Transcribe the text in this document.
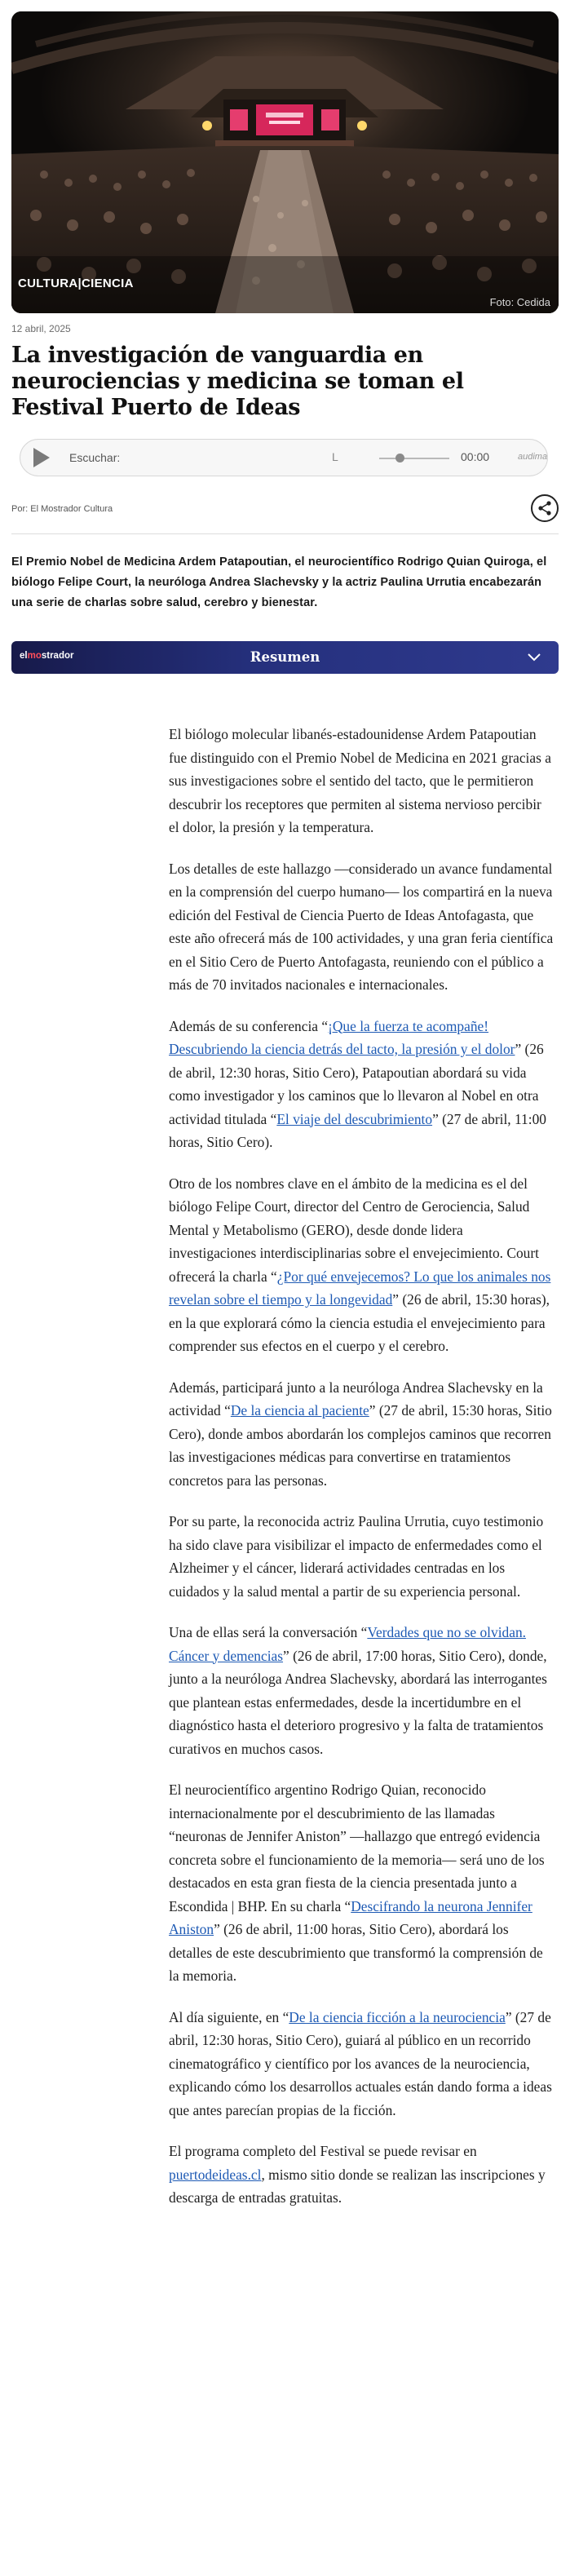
CULTURA|CIENCIA
Foto: Cedida
12 abril, 2025
La investigación de vanguardia en neurociencias y medicina se toman el Festival Puerto de Ideas
Escuchar:	L	00:00	audima
Por: El Mostrador Cultura

El Premio Nobel de Medicina Ardem Patapoutian, el neurocientífico Rodrigo Quian Quiroga, el biólogo Felipe Court, la neuróloga Andrea Slachevsky y la actriz Paulina Urrutia encabezarán una serie de charlas sobre salud, cerebro y bienestar.

elmostrador	Resumen

El biólogo molecular libanés-estadounidense Ardem Patapoutian fue distinguido con el Premio Nobel de Medicina en 2021 gracias a sus investigaciones sobre el sentido del tacto, que le permitieron descubrir los receptores que permiten al sistema nervioso percibir el dolor, la presión y la temperatura.

Los detalles de este hallazgo —considerado un avance fundamental en la comprensión del cuerpo humano— los compartirá en la nueva edición del Festival de Ciencia Puerto de Ideas Antofagasta, que este año ofrecerá más de 100 actividades, y una gran feria científica en el Sitio Cero de Puerto Antofagasta, reuniendo con el público a más de 70 invitados nacionales e internacionales.

Además de su conferencia “¡Que la fuerza te acompañe! Descubriendo la ciencia detrás del tacto, la presión y el dolor” (26 de abril, 12:30 horas, Sitio Cero), Patapoutian abordará su vida como investigador y los caminos que lo llevaron al Nobel en otra actividad titulada “El viaje del descubrimiento” (27 de abril, 11:00 horas, Sitio Cero).

Otro de los nombres clave en el ámbito de la medicina es el del biólogo Felipe Court, director del Centro de Gerociencia, Salud Mental y Metabolismo (GERO), desde donde lidera investigaciones interdisciplinarias sobre el envejecimiento. Court ofrecerá la charla “¿Por qué envejecemos? Lo que los animales nos revelan sobre el tiempo y la longevidad” (26 de abril, 15:30 horas), en la que explorará cómo la ciencia estudia el envejecimiento para comprender sus efectos en el cuerpo y el cerebro.

Además, participará junto a la neuróloga Andrea Slachevsky en la actividad “De la ciencia al paciente” (27 de abril, 15:30 horas, Sitio Cero), donde ambos abordarán los complejos caminos que recorren las investigaciones médicas para convertirse en tratamientos concretos para las personas.

Por su parte, la reconocida actriz Paulina Urrutia, cuyo testimonio ha sido clave para visibilizar el impacto de enfermedades como el Alzheimer y el cáncer, liderará actividades centradas en los cuidados y la salud mental a partir de su experiencia personal.

Una de ellas será la conversación “Verdades que no se olvidan. Cáncer y demencias” (26 de abril, 17:00 horas, Sitio Cero), donde, junto a la neuróloga Andrea Slachevsky, abordará las interrogantes que plantean estas enfermedades, desde la incertidumbre en el diagnóstico hasta el deterioro progresivo y la falta de tratamientos curativos en muchos casos.

El neurocientífico argentino Rodrigo Quian, reconocido internacionalmente por el descubrimiento de las llamadas “neuronas de Jennifer Aniston” —hallazgo que entregó evidencia concreta sobre el funcionamiento de la memoria— será uno de los destacados en esta gran fiesta de la ciencia presentada junto a Escondida | BHP. En su charla “Descifrando la neurona Jennifer Aniston” (26 de abril, 11:00 horas, Sitio Cero), abordará los detalles de este descubrimiento que transformó la comprensión de la memoria.

Al día siguiente, en “De la ciencia ficción a la neurociencia” (27 de abril, 12:30 horas, Sitio Cero), guiará al público en un recorrido cinematográfico y científico por los avances de la neurociencia, explicando cómo los desarrollos actuales están dando forma a ideas que antes parecían propias de la ficción.

El programa completo del Festival se puede revisar en puertodeideas.cl, mismo sitio donde se realizan las inscripciones y descarga de entradas gratuitas.
